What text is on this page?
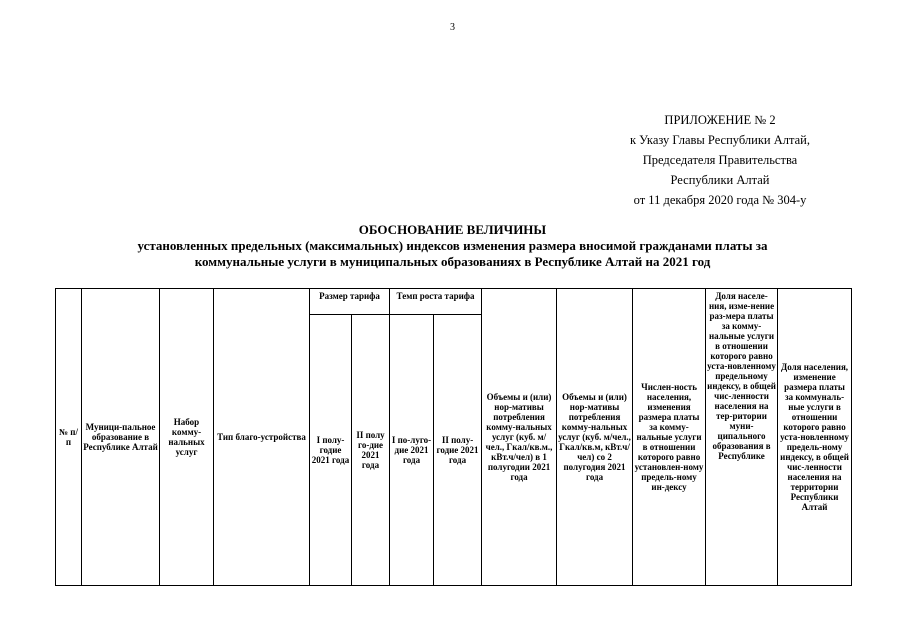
3
ПРИЛОЖЕНИЕ № 2
к Указу Главы Республики Алтай,
Председателя Правительства
Республики Алтай
от 11 декабря 2020 года № 304-у
ОБОСНОВАНИЕ ВЕЛИЧИНЫ
установленных предельных (максимальных) индексов изменения размера вносимой гражданами платы за
коммунальные услуги в муниципальных образованиях в Республике Алтай на 2021 год
№ п/п	Муници-пальное образование в Республике Алтай	Набор комму-нальных услуг	Тип благо-устройства	Размер тарифа		Темп роста тарифа		Объемы и (или) нор-мативы потребления комму-нальных услуг (куб. м/чел., Гкал/кв.м., кВт.ч/чел) в 1 полугодии 2021 года	Объемы и (или) нор-мативы потребления комму-нальных услуг (куб. м/чел., Гкал/кв.м, кВт.ч/чел) со 2 полугодия 2021 года	Числен-ность населения, изменения размера платы за комму-нальные услуги в отношении которого равно установлен-ному предель-ному ин-дексу	Доля населе-ния, изме-нение раз-мера платы за комму-нальные услуги в отношении которого равно уста-новленному предельному индексу, в общей чис-ленности населения на тер-ритории муни-ципального образования в Республике	Доля населения, изменение размера платы за коммуналь-ные услуги в отношении которого равно уста-новленному предель-ному индексу, в общей чис-ленности населения на территории Республики Алтай
				I полу-годие 2021 года	II полу го-дие 2021 года	I по-луго-дие 2021 года	II полу-годие 2021 года					
